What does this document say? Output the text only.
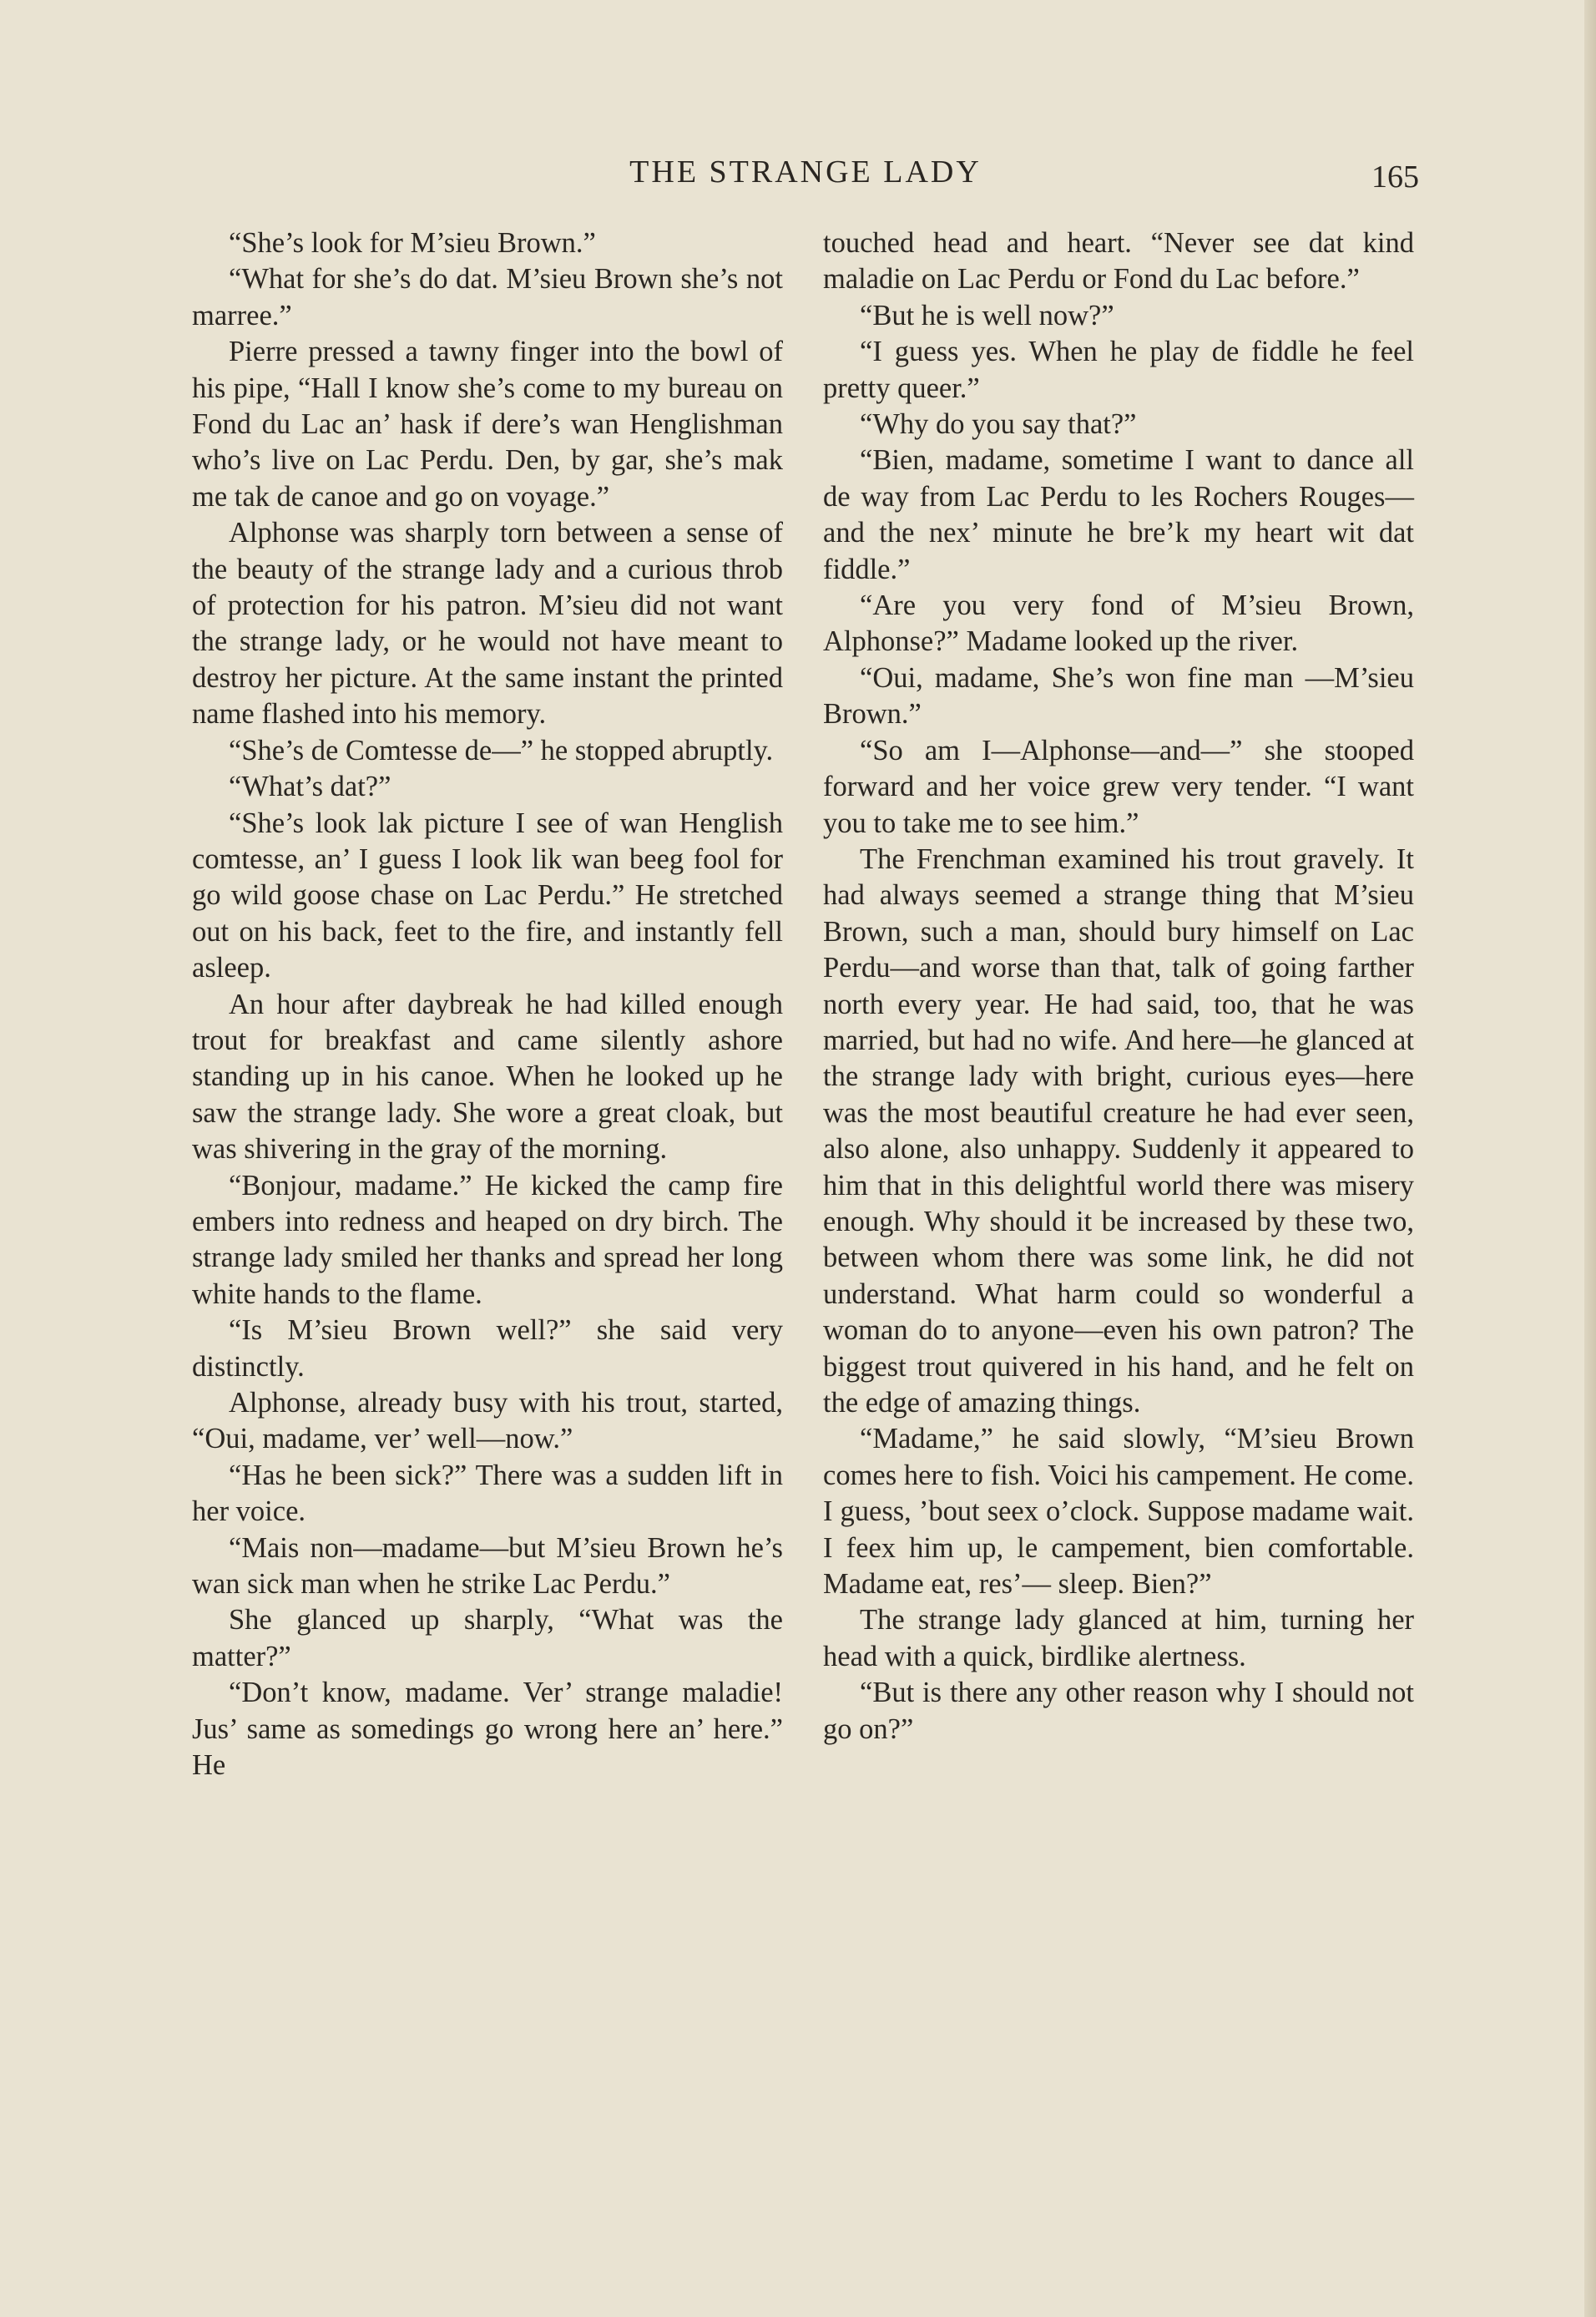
THE STRANGE LADY	165

“She’s look for M’sieu Brown.”

“What for she’s do dat. M’sieu Brown she’s not marree.”

Pierre pressed a tawny finger into the bowl of his pipe, “Hall I know she’s come to my bureau on Fond du Lac an’ hask if dere’s wan Henglishman who’s live on Lac Perdu. Den, by gar, she’s mak me tak de canoe and go on voyage.”

Alphonse was sharply torn between a sense of the beauty of the strange lady and a curious throb of protection for his patron. M’sieu did not want the strange lady, or he would not have meant to destroy her picture. At the same instant the printed name flashed into his memory.

“She’s de Comtesse de—” he stopped abruptly.

“What’s dat?”

“She’s look lak picture I see of wan Henglish comtesse, an’ I guess I look lik wan beeg fool for go wild goose chase on Lac Perdu.” He stretched out on his back, feet to the fire, and instantly fell asleep.

An hour after daybreak he had killed enough trout for breakfast and came silently ashore standing up in his canoe. When he looked up he saw the strange lady. She wore a great cloak, but was shivering in the gray of the morning.

“Bonjour, madame.” He kicked the camp fire embers into redness and heaped on dry birch. The strange lady smiled her thanks and spread her long white hands to the flame.

“Is M’sieu Brown well?” she said very distinctly.

Alphonse, already busy with his trout, started, “Oui, madame, ver’ well—now.”

“Has he been sick?” There was a sudden lift in her voice.

“Mais non—madame—but M’sieu Brown he’s wan sick man when he strike Lac Perdu.”

She glanced up sharply, “What was the matter?”

“Don’t know, madame. Ver’ strange maladie! Jus’ same as somedings go wrong here an’ here.” He

touched head and heart. “Never see dat kind maladie on Lac Perdu or Fond du Lac before.”

“But he is well now?”

“I guess yes. When he play de fiddle he feel pretty queer.”

“Why do you say that?”

“Bien, madame, sometime I want to dance all de way from Lac Perdu to les Rochers Rouges—and the nex’ minute he bre’k my heart wit dat fiddle.”

“Are you very fond of M’sieu Brown, Alphonse?” Madame looked up the river.

“Oui, madame, She’s won fine man —M’sieu Brown.”

“So am I—Alphonse—and—” she stooped forward and her voice grew very tender. “I want you to take me to see him.”

The Frenchman examined his trout gravely. It had always seemed a strange thing that M’sieu Brown, such a man, should bury himself on Lac Perdu—and worse than that, talk of going farther north every year. He had said, too, that he was married, but had no wife. And here—he glanced at the strange lady with bright, curious eyes—here was the most beautiful creature he had ever seen, also alone, also unhappy. Suddenly it appeared to him that in this delightful world there was misery enough. Why should it be increased by these two, between whom there was some link, he did not understand. What harm could so wonderful a woman do to anyone—even his own patron? The biggest trout quivered in his hand, and he felt on the edge of amazing things.

“Madame,” he said slowly, “M’sieu Brown comes here to fish. Voici his campement. He come. I guess, ’bout seex o’clock. Suppose madame wait. I feex him up, le campement, bien comfortable. Madame eat, res’— sleep. Bien?”

The strange lady glanced at him, turning her head with a quick, birdlike alertness.

“But is there any other reason why I should not go on?”
